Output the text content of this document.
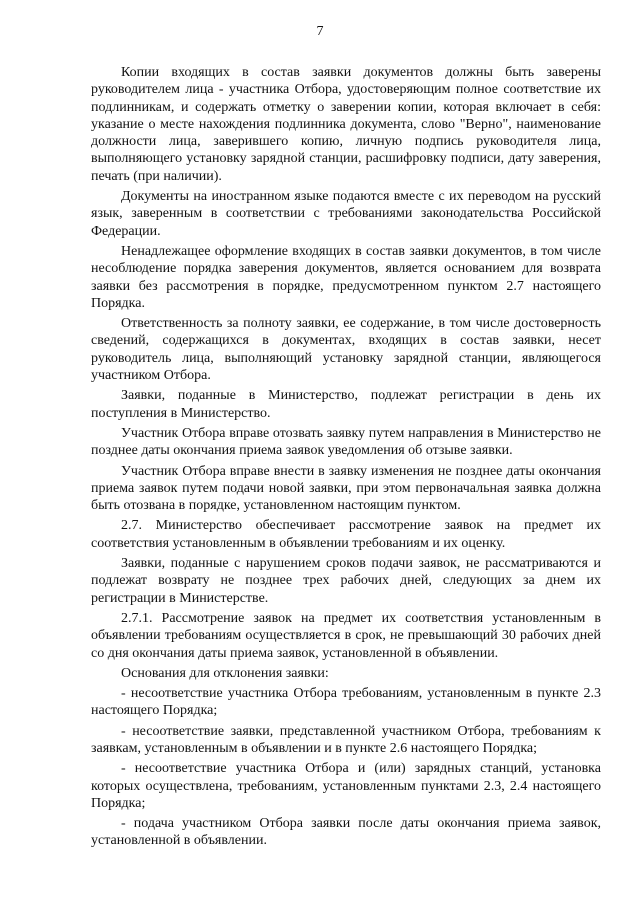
7

Копии входящих в состав заявки документов должны быть заверены руководителем лица - участника Отбора, удостоверяющим полное соответствие их подлинникам, и содержать отметку о заверении копии, которая включает в себя: указание о месте нахождения подлинника документа, слово "Верно", наименование должности лица, заверившего копию, личную подпись руководителя лица, выполняющего установку зарядной станции, расшифровку подписи, дату заверения, печать (при наличии).

Документы на иностранном языке подаются вместе с их переводом на русский язык, заверенным в соответствии с требованиями законодательства Российской Федерации.

Ненадлежащее оформление входящих в состав заявки документов, в том числе несоблюдение порядка заверения документов, является основанием для возврата заявки без рассмотрения в порядке, предусмотренном пунктом 2.7 настоящего Порядка.

Ответственность за полноту заявки, ее содержание, в том числе достоверность сведений, содержащихся в документах, входящих в состав заявки, несет руководитель лица, выполняющий установку зарядной станции, являющегося участником Отбора.

Заявки, поданные в Министерство, подлежат регистрации в день их поступления в Министерство.

Участник Отбора вправе отозвать заявку путем направления в Министерство не позднее даты окончания приема заявок уведомления об отзыве заявки.

Участник Отбора вправе внести в заявку изменения не позднее даты окончания приема заявок путем подачи новой заявки, при этом первоначальная заявка должна быть отозвана в порядке, установленном настоящим пунктом.

2.7. Министерство обеспечивает рассмотрение заявок на предмет их соответствия установленным в объявлении требованиям и их оценку.

Заявки, поданные с нарушением сроков подачи заявок, не рассматриваются и подлежат возврату не позднее трех рабочих дней, следующих за днем их регистрации в Министерстве.

2.7.1. Рассмотрение заявок на предмет их соответствия установленным в объявлении требованиям осуществляется в срок, не превышающий 30 рабочих дней со дня окончания даты приема заявок, установленной в объявлении.

Основания для отклонения заявки:

- несоответствие участника Отбора требованиям, установленным в пункте 2.3 настоящего Порядка;

- несоответствие заявки, представленной участником Отбора, требованиям к заявкам, установленным в объявлении и в пункте 2.6 настоящего Порядка;

- несоответствие участника Отбора и (или) зарядных станций, установка которых осуществлена, требованиям, установленным пунктами 2.3, 2.4 настоящего Порядка;

- подача участником Отбора заявки после даты окончания приема заявок, установленной в объявлении.
